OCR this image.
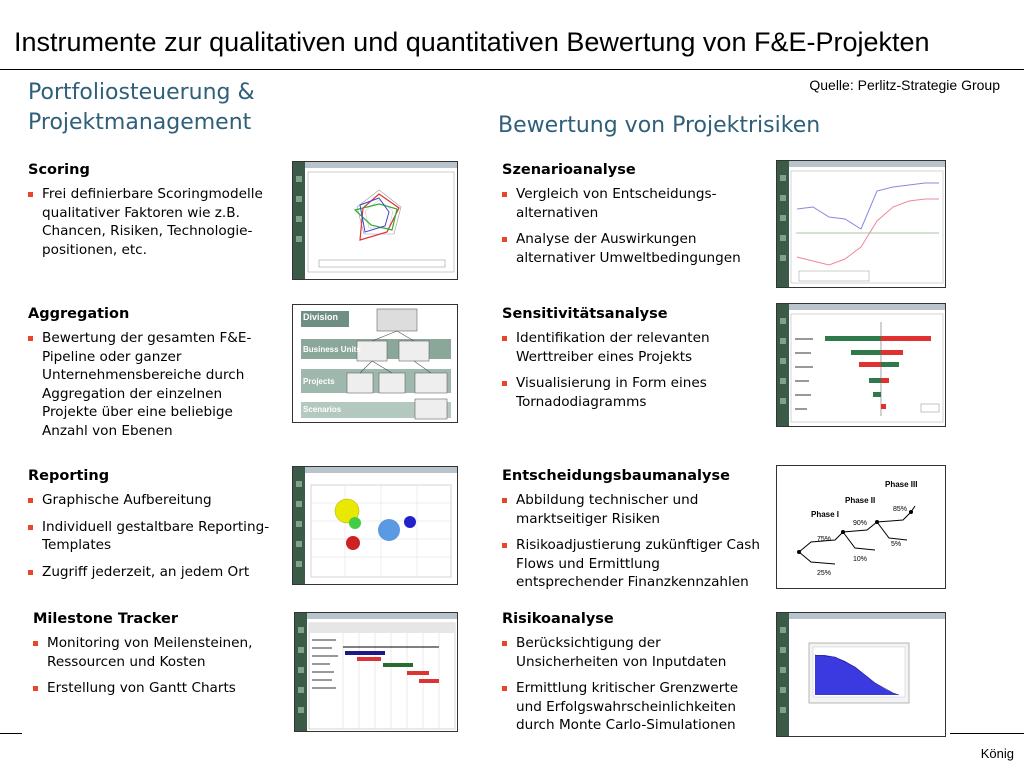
Instrumente zur qualitativen und quantitativen Bewertung von F&E-Projekten
Quelle: Perlitz-Strategie Group
Portfoliosteuerung &
Projektmanagement	Bewertung von Projektrisiken
Scoring
Frei definierbare Scoringmodelle qualitativer Faktoren wie z.B. Chancen, Risiken, Technologie-positionen, etc.
Aggregation
Bewertung der gesamten F&E-Pipeline oder ganzer Unternehmensbereiche durch Aggregation der einzelnen Projekte über eine beliebige Anzahl von Ebenen
Division
Business Units
Projects
Scenarios
Reporting
Graphische Aufbereitung
Individuell gestaltbare Reporting-Templates
Zugriff jederzeit, an jedem Ort
Milestone Tracker
Monitoring von Meilensteinen, Ressourcen und Kosten
Erstellung von Gantt Charts
Szenarioanalyse
Vergleich von Entscheidungs-alternativen
Analyse der Auswirkungen alternativer Umweltbedingungen
Sensitivitätsanalyse
Identifikation der relevanten Werttreiber eines Projekts
Visualisierung in Form eines Tornadodiagramms
Entscheidungsbaumanalyse
Abbildung technischer und marktseitiger Risiken
Risikoadjustierung zukünftiger Cash Flows und Ermittlung entsprechender Finanzkennzahlen
Phase III
Phase II
Phase I
85%
90%
75%
5%
10%
25%
Risikoanalyse
Berücksichtigung der Unsicherheiten von Inputdaten
Ermittlung kritischer Grenzwerte und Erfolgswahrscheinlichkeiten durch Monte Carlo-Simulationen
König
